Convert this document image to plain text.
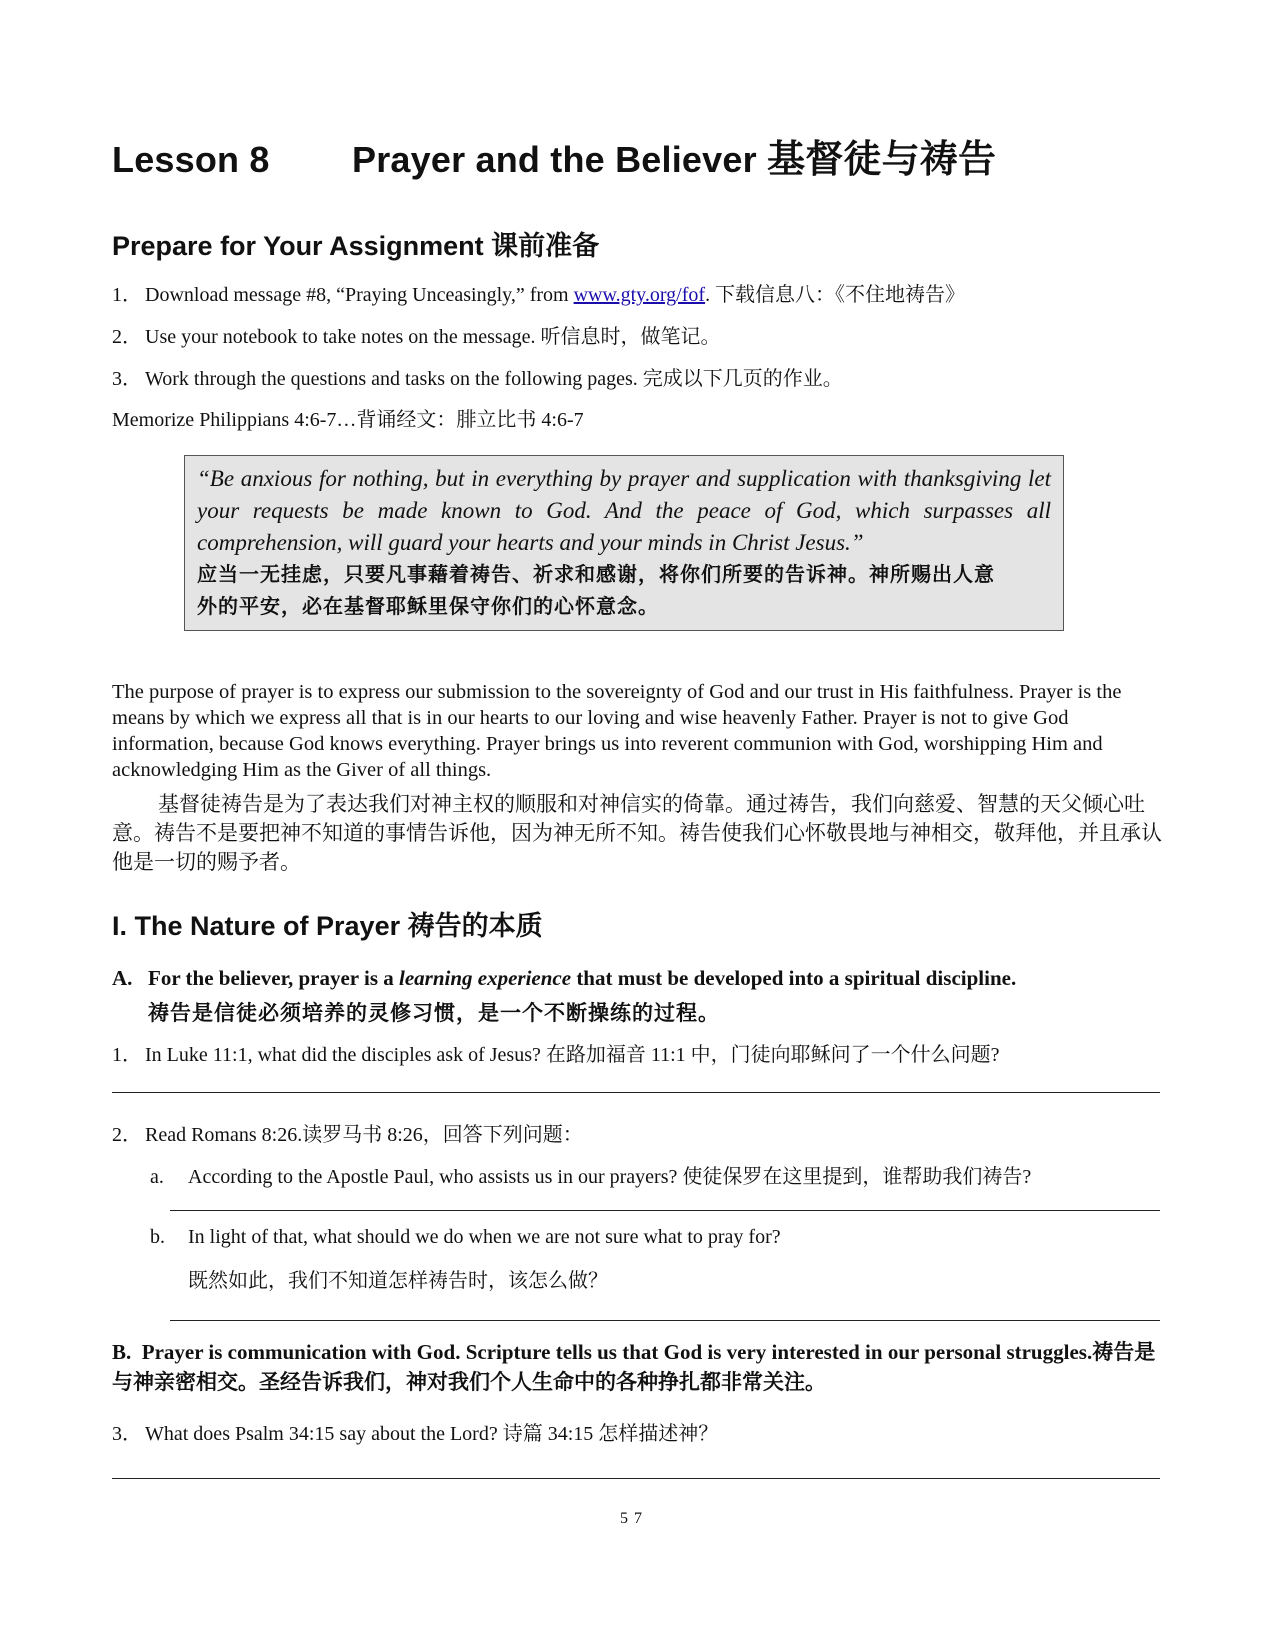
Lesson 8 Prayer and the Believer 基督徒与祷告
Prepare for Your Assignment 课前准备
1． Download message #8, “Praying Unceasingly,” from www.gty.org/fof. 下载信息八：《不住地祷告》
2． Use your notebook to take notes on the message. 听信息时，做笔记。
3． Work through the questions and tasks on the following pages. 完成以下几页的作业。
Memorize Philippians 4:6-7…背诵经文：腓立比书 4:6-7
“Be anxious for nothing, but in everything by prayer and supplication with thanksgiving let your requests be made known to God. And the peace of God, which surpasses all comprehension, will guard your hearts and your minds in Christ Jesus.”
应当一无挂虑，只要凡事藉着祷告、祈求和感谢，将你们所要的告诉神。神所赐出人意
外的平安，必在基督耶稣里保守你们的心怀意念。
The purpose of prayer is to express our submission to the sovereignty of God and our trust in His faithfulness. Prayer is the means by which we express all that is in our hearts to our loving and wise heavenly Father. Prayer is not to give God information, because God knows everything. Prayer brings us into reverent communion with God, worshipping Him and acknowledging Him as the Giver of all things.
基督徒祷告是为了表达我们对神主权的顺服和对神信实的倚靠。通过祷告，我们向慈爱、智慧的天父倾心吐意。祷告不是要把神不知道的事情告诉他，因为神无所不知。祷告使我们心怀敬畏地与神相交，敬拜他，并且承认他是一切的赐予者。
I. The Nature of Prayer 祷告的本质
A. For the believer, prayer is a learning experience that must be developed into a spiritual discipline.
祷告是信徒必须培养的灵修习惯，是一个不断操练的过程。
1． In Luke 11:1, what did the disciples ask of Jesus? 在路加福音 11:1 中，门徒向耶稣问了一个什么问题?
2． Read Romans 8:26.读罗马书 8:26，回答下列问题：
a. According to the Apostle Paul, who assists us in our prayers? 使徒保罗在这里提到，谁帮助我们祷告?
b. In light of that, what should we do when we are not sure what to pray for?
既然如此，我们不知道怎样祷告时，该怎么做？
B. Prayer is communication with God. Scripture tells us that God is very interested in our personal struggles.祷告是与神亲密相交。圣经告诉我们，神对我们个人生命中的各种挣扎都非常关注。
3． What does Psalm 34:15 say about the Lord? 诗篇 34:15 怎样描述神？
57
